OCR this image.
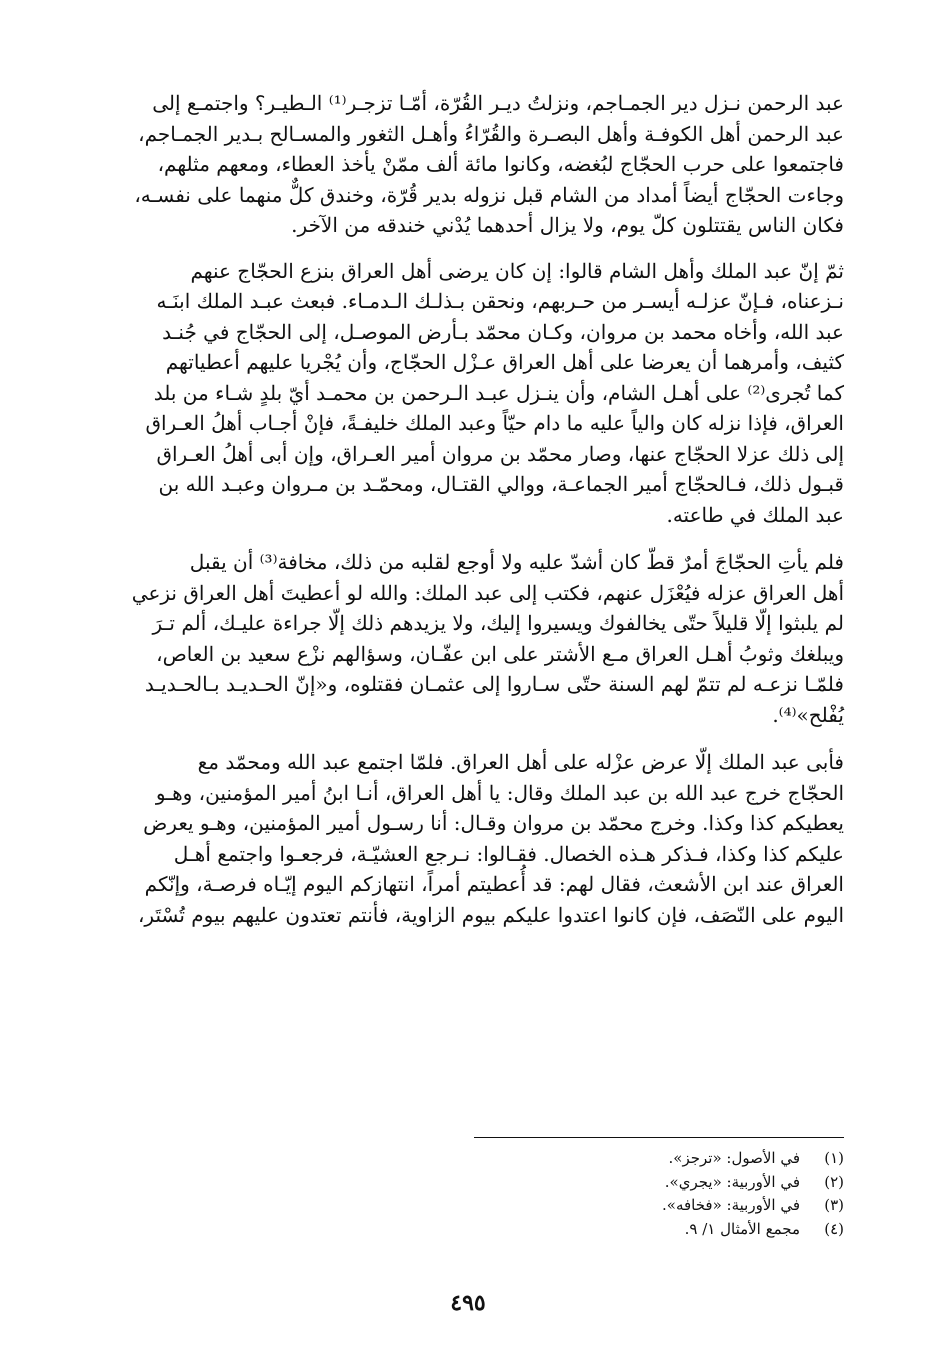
عبد الرحمن نـزل دير الجمـاجم، ونزلتُ ديـر القُرّة، أمّـا تزجـر⁽¹⁾ الـطيـر؟ واجتمـع إلى
عبد الرحمن أهل الكوفـة وأهل البصـرة والقُرّاءُ وأهـل الثغور والمسـالح بـدير الجمـاجم،
فاجتمعوا على حرب الحجّاج لبُغضه، وكانوا مائة ألف ممّنْ يأخذ العطاء، ومعهم مثلهم،
وجاءت الحجّاج أيضاً أمداد من الشام قبل نزوله بدير قُرّة، وخندق كلٌّ منهما على نفسـه،
فكان الناس يقتتلون كلّ يوم، ولا يزال أحدهما يُدْني خندقه من الآخر.

ثمّ إنّ عبد الملك وأهل الشام قالوا: إن كان يرضى أهل العراق بنزع الحجّاج عنهم
نـزعناه، فـإنّ عزلـه أيسـر من حـربهم، ونحقن بـذلـك الـدمـاء. فبعث عبـد الملك ابنَـه
عبد الله، وأخاه محمد بن مروان، وكـان محمّد بـأرض الموصـل، إلى الحجّاج في جُنـد
كثيف، وأمرهما أن يعرضا على أهل العراق عـزْل الحجّاج، وأن يُجْريا عليهم أعطياتهم
كما تُجرى⁽²⁾ على أهـل الشام، وأن ينـزل عبـد الـرحمن بن محمـد أيّ بلدٍ شـاء من بلد
العراق، فإذا نزله كان والياً عليه ما دام حيّاً وعبد الملك خليفـةً، فإنْ أجـاب أهلُ العـراق
إلى ذلك عزلا الحجّاج عنها، وصار محمّد بن مروان أمير العـراق، وإن أبى أهلُ العـراق
قبـول ذلك، فـالحجّاج أمير الجماعـة، ووالي القتـال، ومحمّـد بن مـروان وعبـد الله بن
عبد الملك في طاعته.

فلم يأتِ الحجّاجَ أمرٌ قطّ كان أشدّ عليه ولا أوجع لقلبه من ذلك، مخافة⁽³⁾ أن يقبل
أهل العراق عزله فيُعْزَل عنهم، فكتب إلى عبد الملك: والله لو أعطيتَ أهل العراق نزعي
لم يلبثوا إلّا قليلاً حتّى يخالفوك ويسيروا إليك، ولا يزيدهم ذلك إلّا جراءة عليـك، ألم تـرَ
ويبلغك وثوبُ أهـل العراق مـع الأشتر على ابن عفّـان، وسؤالهم نزْع سعيد بن العاص،
فلمّـا نزعـه لم تتمّ لهم السنة حتّى سـاروا إلى عثمـان فقتلوه، و«إنّ الحـديـد بـالحـديـد
يُفْلح»⁽⁴⁾.

فأبى عبد الملك إلّا عرض عزْله على أهل العراق. فلمّا اجتمع عبد الله ومحمّد مع
الحجّاج خرج عبد الله بن عبد الملك وقال: يا أهل العراق، أنـا ابنُ أمير المؤمنين، وهـو
يعطيكم كذا وكذا. وخرج محمّد بن مروان وقـال: أنا رسـول أمير المؤمنين، وهـو يعرض
عليكم كذا وكذا، فـذكر هـذه الخصال. فقـالوا: نـرجع العشيّـة، فرجعـوا واجتمع أهـل
العراق عند ابن الأشعث، فقال لهم: قد أُعطيتم أمراً، انتهازكم اليوم إيّـاه فرصـة، وإنّكم
اليوم على النّصَف، فإن كانوا اعتدوا عليكم بيوم الزاوية، فأنتم تعتدون عليهم بيوم تُسْتَر،

(١)
في الأصول: «ترجز».
(٢)
في الأوربية: «يجري».
(٣)
في الأوربية: «فخافه».
(٤)
مجمع الأمثال ١/ ٩.
٤٩٥
